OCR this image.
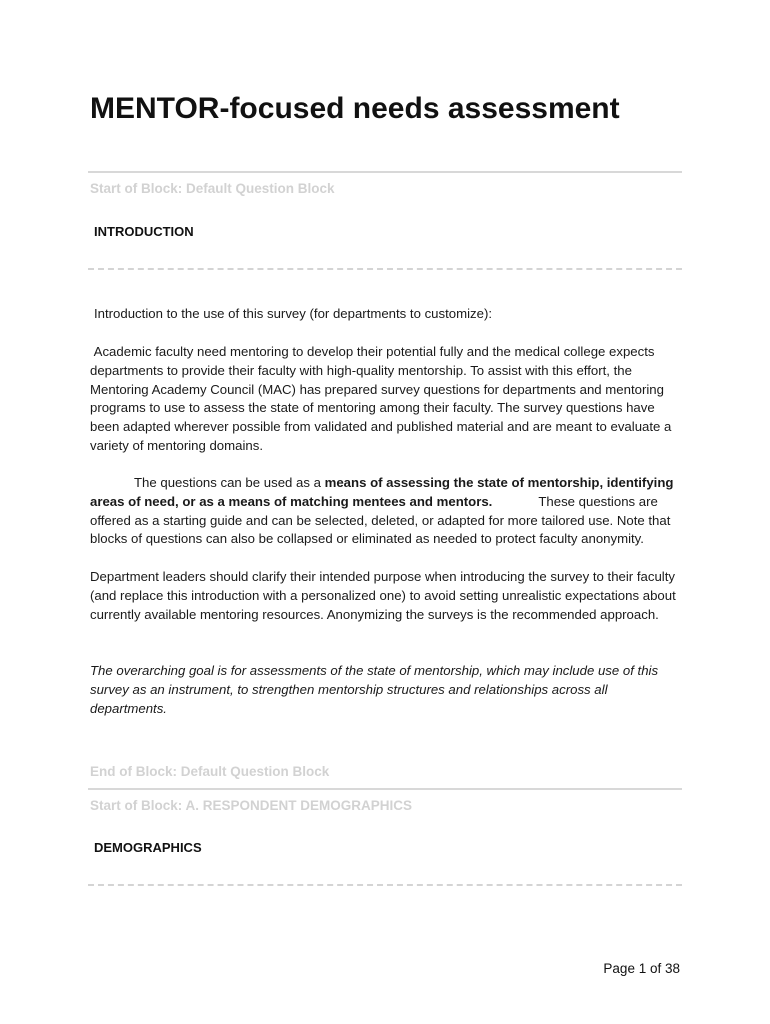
MENTOR-focused needs assessment
Start of Block: Default Question Block
INTRODUCTION

Introduction to the use of this survey (for departments to customize):

Academic faculty need mentoring to develop their potential fully and the medical college expects departments to provide their faculty with high-quality mentorship. To assist with this effort, the Mentoring Academy Council (MAC) has prepared survey questions for departments and mentoring programs to use to assess the state of mentoring among their faculty. The survey questions have been adapted wherever possible from validated and published material and are meant to evaluate a variety of mentoring domains.

The questions can be used as a means of assessing the state of mentorship, identifying areas of need, or as a means of matching mentees and mentors.	These questions are offered as a starting guide and can be selected, deleted, or adapted for more tailored use. Note that blocks of questions can also be collapsed or eliminated as needed to protect faculty anonymity.

Department leaders should clarify their intended purpose when introducing the survey to their faculty (and replace this introduction with a personalized one) to avoid setting unrealistic expectations about currently available mentoring resources. Anonymizing the surveys is the recommended approach.

The overarching goal is for assessments of the state of mentorship, which may include use of this survey as an instrument, to strengthen mentorship structures and relationships across all departments.

End of Block: Default Question Block
Start of Block: A. RESPONDENT DEMOGRAPHICS
DEMOGRAPHICS
Page 1 of 38
